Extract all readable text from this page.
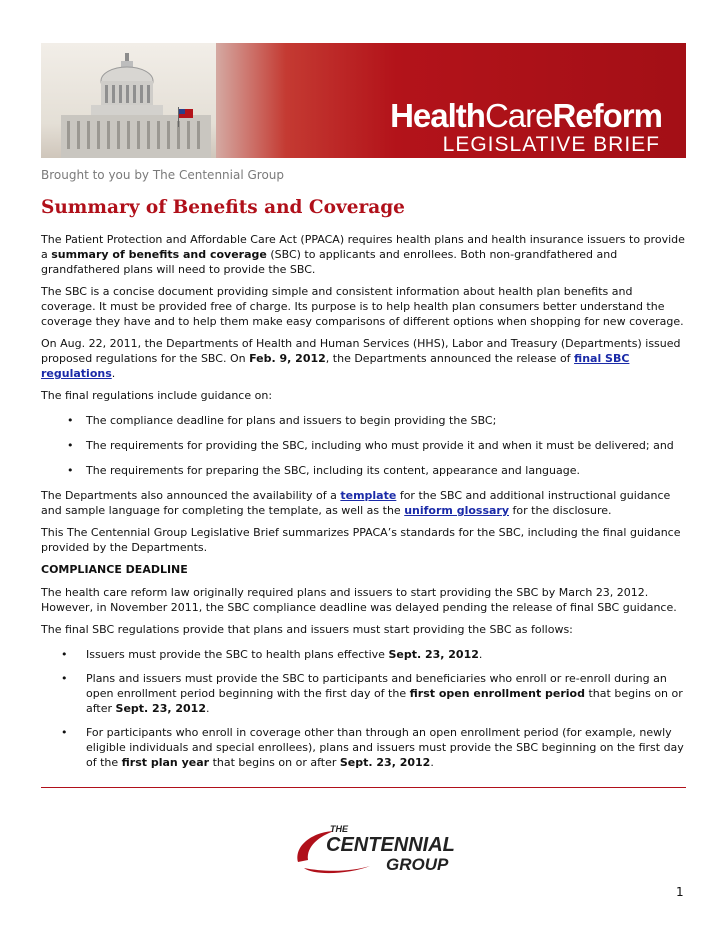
HealthCareReform
LEGISLATIVE BRIEF
Brought to you by The Centennial Group
Summary of Benefits and Coverage

The Patient Protection and Affordable Care Act (PPACA) requires health plans and health insurance issuers to provide a summary of benefits and coverage (SBC) to applicants and enrollees. Both non-grandfathered and grandfathered plans will need to provide the SBC.

The SBC is a concise document providing simple and consistent information about health plan benefits and coverage. It must be provided free of charge. Its purpose is to help health plan consumers better understand the coverage they have and to help them make easy comparisons of different options when shopping for new coverage.

On Aug. 22, 2011, the Departments of Health and Human Services (HHS), Labor and Treasury (Departments) issued proposed regulations for the SBC. On Feb. 9, 2012, the Departments announced the release of final SBC regulations.

The final regulations include guidance on:

• The compliance deadline for plans and issuers to begin providing the SBC;
• The requirements for providing the SBC, including who must provide it and when it must be delivered; and
• The requirements for preparing the SBC, including its content, appearance and language.

The Departments also announced the availability of a template for the SBC and additional instructional guidance and sample language for completing the template, as well as the uniform glossary for the disclosure.

This The Centennial Group Legislative Brief summarizes PPACA’s standards for the SBC, including the final guidance provided by the Departments.

COMPLIANCE DEADLINE

The health care reform law originally required plans and issuers to start providing the SBC by March 23, 2012. However, in November 2011, the SBC compliance deadline was delayed pending the release of final SBC guidance.

The final SBC regulations provide that plans and issuers must start providing the SBC as follows:

• Issuers must provide the SBC to health plans effective Sept. 23, 2012.
• Plans and issuers must provide the SBC to participants and beneficiaries who enroll or re-enroll during an open enrollment period beginning with the first day of the first open enrollment period that begins on or after Sept. 23, 2012.
• For participants who enroll in coverage other than through an open enrollment period (for example, newly eligible individuals and special enrollees), plans and issuers must provide the SBC beginning on the first day of the first plan year that begins on or after Sept. 23, 2012.
THE
CENTENNIAL
GROUP
1
